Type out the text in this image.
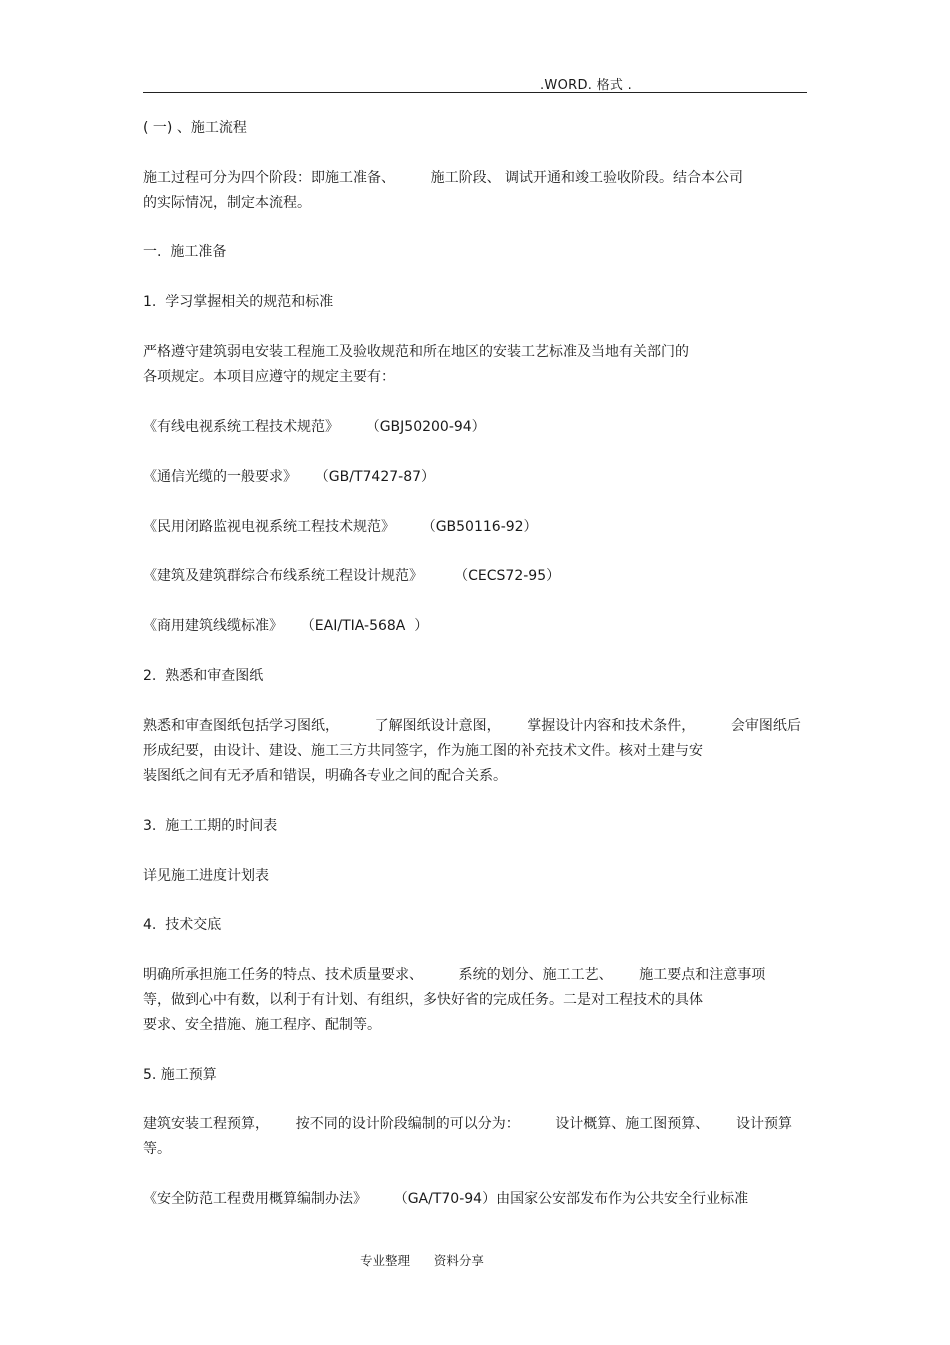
.WORD. 格式 .
( 一) 、施工流程
施工过程可分为四个阶段：即施工准备、        施工阶段、 调试开通和竣工验收阶段。结合本公司
的实际情况，制定本流程。
一.  施工准备
1.  学习掌握相关的规范和标准
严格遵守建筑弱电安装工程施工及验收规范和所在地区的安装工艺标准及当地有关部门的
各项规定。本项目应遵守的规定主要有：
《有线电视系统工程技术规范》      （GBJ50200-94）
《通信光缆的一般要求》    （GB/T7427-87）
《民用闭路监视电视系统工程技术规范》      （GB50116-92）
《建筑及建筑群综合布线系统工程设计规范》       （CECS72-95）
《商用建筑线缆标准》    （EAI/TIA-568A  ）
2.  熟悉和审查图纸
熟悉和审查图纸包括学习图纸，        了解图纸设计意图，      掌握设计内容和技术条件，        会审图纸后
形成纪要，由设计、建设、施工三方共同签字，作为施工图的补充技术文件。核对土建与安
装图纸之间有无矛盾和错误，明确各专业之间的配合关系。
3.  施工工期的时间表
详见施工进度计划表
4.  技术交底
明确所承担施工任务的特点、技术质量要求、        系统的划分、施工工艺、      施工要点和注意事项
等，做到心中有数，以利于有计划、有组织，多快好省的完成任务。二是对工程技术的具体
要求、安全措施、施工程序、配制等。
5. 施工预算
建筑安装工程预算，      按不同的设计阶段编制的可以分为：        设计概算、施工图预算、      设计预算
等。
《安全防范工程费用概算编制办法》      （GA/T70-94）由国家公安部发布作为公共安全行业标准
专业整理      资料分享
